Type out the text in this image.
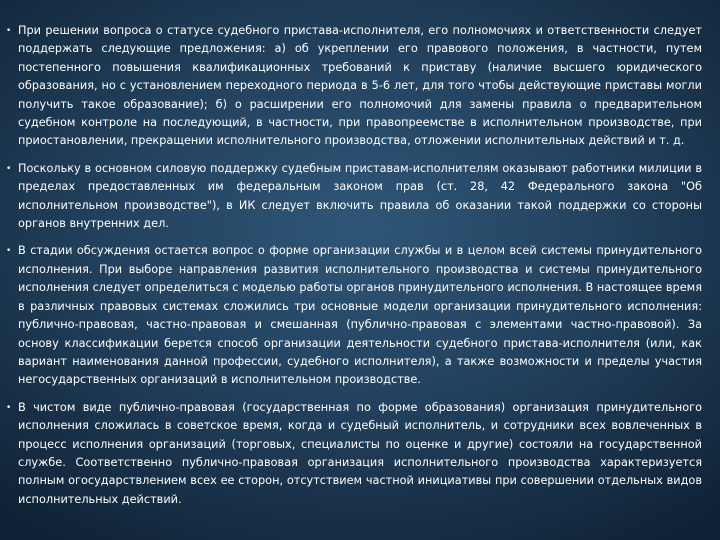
• При решении вопроса о статусе судебного пристава-исполнителя, его полномочиях и ответственности следует поддержать следующие предложения: а) об укреплении его правового положения, в частности, путем постепенного повышения квалификационных требований к приставу (наличие высшего юридического образования, но с установлением переходного периода в 5-6 лет, для того чтобы действующие приставы могли получить такое образование); б) о расширении его полномочий для замены правила о предварительном судебном контроле на последующий, в частности, при правопреемстве в исполнительном производстве, при приостановлении, прекращении исполнительного производства, отложении исполнительных действий и т. д.
• Поскольку в основном силовую поддержку судебным приставам-исполнителям оказывают работники милиции в пределах предоставленных им федеральным законом прав (ст. 28, 42 Федерального закона "Об исполнительном производстве"), в ИК следует включить правила об оказании такой поддержки со стороны органов внутренних дел.
• В стадии обсуждения остается вопрос о форме организации службы и в целом всей системы принудительного исполнения. При выборе направления развития исполнительного производства и системы принудительного исполнения следует определиться с моделью работы органов принудительного исполнения. В настоящее время в различных правовых системах сложились три основные модели организации принудительного исполнения: публично-правовая, частно-правовая и смешанная (публично-правовая с элементами частно-правовой). За основу классификации берется способ организации деятельности судебного пристава-исполнителя (или, как вариант наименования данной профессии, судебного исполнителя), а также возможности и пределы участия негосударственных организаций в исполнительном производстве.
• В чистом виде публично-правовая (государственная по форме образования) организация принудительного исполнения сложилась в советское время, когда и судебный исполнитель, и сотрудники всех вовлеченных в процесс исполнения организаций (торговых, специалисты по оценке и другие) состояли на государственной службе. Соответственно публично-правовая организация исполнительного производства характеризуется полным огосударствлением всех ее сторон, отсутствием частной инициативы при совершении отдельных видов исполнительных действий.
